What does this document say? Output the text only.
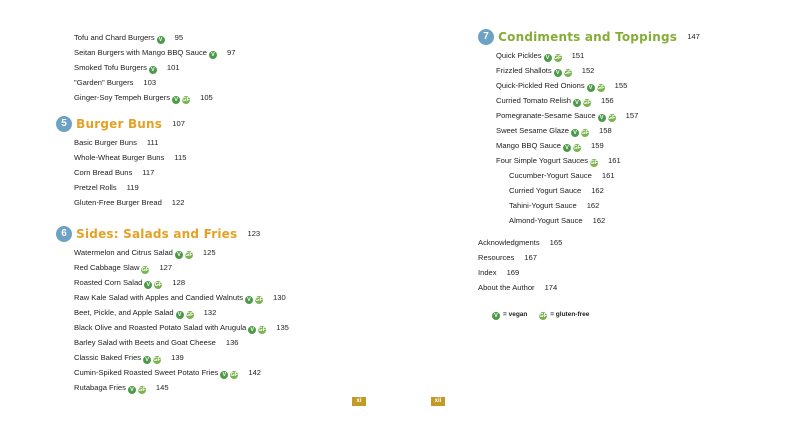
Tofu and Chard Burgers V 95
Seitan Burgers with Mango BBQ Sauce V 97
Smoked Tofu Burgers V 101
"Garden" Burgers 103
Ginger-Soy Tempeh Burgers V GF 105
5 Burger Buns 107
Basic Burger Buns 111
Whole-Wheat Burger Buns 115
Corn Bread Buns 117
Pretzel Rolls 119
Gluten-Free Burger Bread 122
6 Sides: Salads and Fries 123
Watermelon and Citrus Salad V GF 125
Red Cabbage Slaw GF 127
Roasted Corn Salad V GF 128
Raw Kale Salad with Apples and Candied Walnuts V GF 130
Beet, Pickle, and Apple Salad V GF 132
Black Olive and Roasted Potato Salad with Arugula V GF 135
Barley Salad with Beets and Goat Cheese 136
Classic Baked Fries V GF 139
Cumin-Spiked Roasted Sweet Potato Fries V GF 142
Rutabaga Fries V GF 145
7 Condiments and Toppings 147
Quick Pickles V GF 151
Frizzled Shallots V GF 152
Quick-Pickled Red Onions V GF 155
Curried Tomato Relish V GF 156
Pomegranate-Sesame Sauce V GF 157
Sweet Sesame Glaze V GF 158
Mango BBQ Sauce V GF 159
Four Simple Yogurt Sauces GF 161
Cucumber-Yogurt Sauce 161
Curried Yogurt Sauce 162
Tahini-Yogurt Sauce 162
Almond-Yogurt Sauce 162
Acknowledgments 165
Resources 167
Index 169
About the Author 174
V = vegan GF = gluten-free
xi	xii
